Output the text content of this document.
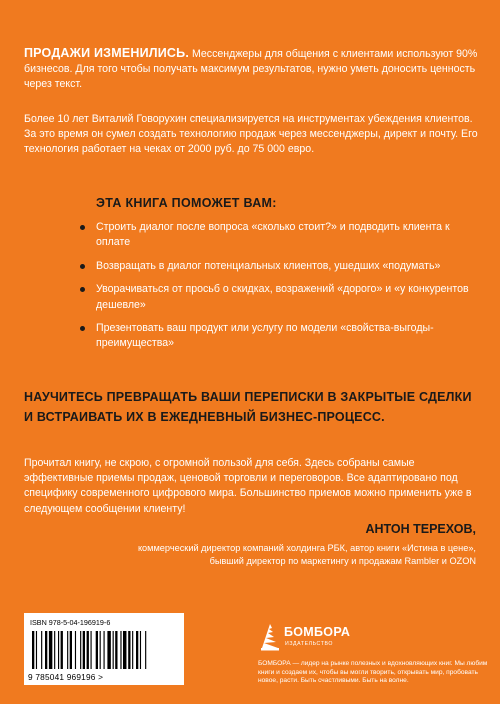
ПРОДАЖИ ИЗМЕНИЛИСЬ. Мессенджеры для общения с клиентами используют 90% бизнесов. Для того чтобы получать максимум результатов, нужно уметь доносить ценность через текст.

Более 10 лет Виталий Говорухин специализируется на инструментах убеждения клиентов. За это время он сумел создать технологию продаж через мессенджеры, директ и почту. Его технология работает на чеках от 2000 руб. до 75 000 евро.

ЭТА КНИГА ПОМОЖЕТ ВАМ:
Строить диалог после вопроса «сколько стоит?» и подводить клиента к оплате
Возвращать в диалог потенциальных клиентов, ушедших «подумать»
Уворачиваться от просьб о скидках, возражений «дорого» и «у конкурентов дешевле»
Презентовать ваш продукт или услугу по модели «свойства-выгоды-преимущества»

НАУЧИТЕСЬ ПРЕВРАЩАТЬ ВАШИ ПЕРЕПИСКИ В ЗАКРЫТЫЕ СДЕЛКИ И ВСТРАИВАТЬ ИХ В ЕЖЕДНЕВНЫЙ БИЗНЕС-ПРОЦЕСС.

Прочитал книгу, не скрою, с огромной пользой для себя. Здесь собраны самые эффективные приемы продаж, ценовой торговли и переговоров. Все адаптировано под специфику современного цифрового мира. Большинство приемов можно применить уже в следующем сообщении клиенту!

АНТОН ТЕРЕХОВ,
коммерческий директор компаний холдинга РБК, автор книги «Истина в цене»,
бывший директор по маркетингу и продажам Rambler и OZON
ISBN 978-5-04-196919-6
9 785041 969196 >
БОМБОРА
ИЗДАТЕЛЬСТВО
БОМБОРА — лидер на рынке полезных и вдохновляющих книг. Мы любим книги и создаем их, чтобы вы могли творить, открывать мир, пробовать новое, расти. Быть счастливыми. Быть на волне.
